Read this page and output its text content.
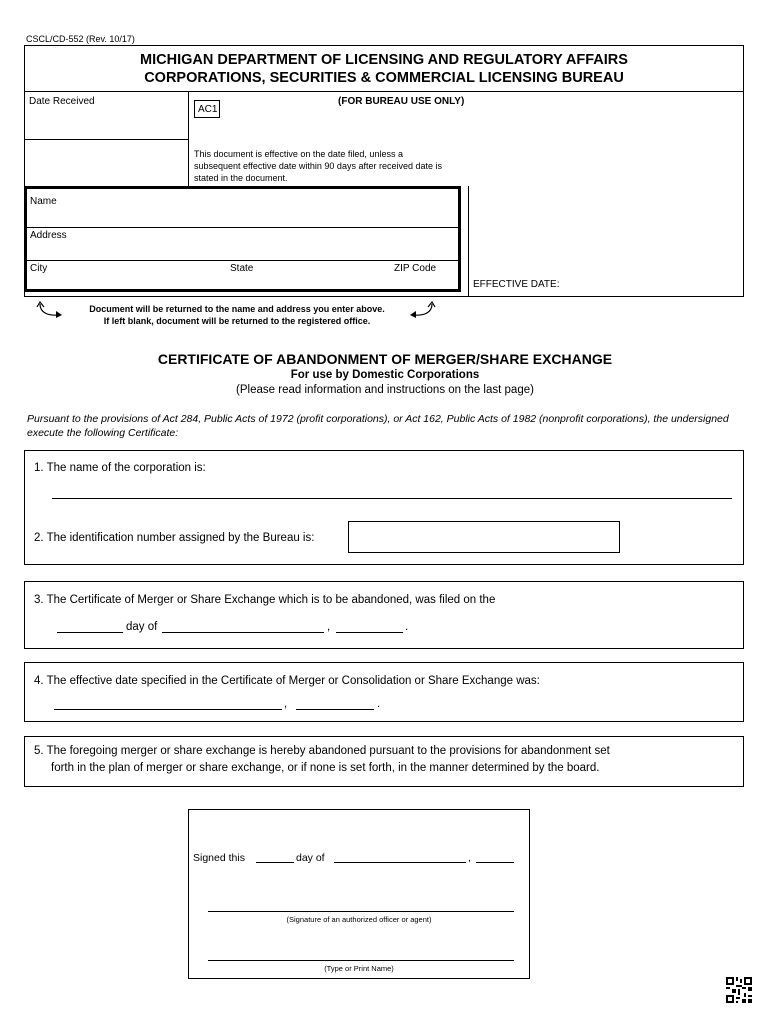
CSCL/CD-552 (Rev. 10/17)
MICHIGAN DEPARTMENT OF LICENSING AND REGULATORY AFFAIRS
CORPORATIONS, SECURITIES & COMMERCIAL LICENSING BUREAU
Date Received
AC1
(FOR BUREAU USE ONLY)
This document is effective on the date filed, unless a subsequent effective date within 90 days after received date is stated in the document.
EFFECTIVE DATE:
Name
Address
City	State	ZIP Code
Document will be returned to the name and address you enter above.
If left blank, document will be returned to the registered office.
CERTIFICATE OF ABANDONMENT OF MERGER/SHARE EXCHANGE
For use by Domestic Corporations
(Please read information and instructions on the last page)
Pursuant to the provisions of Act 284, Public Acts of 1972 (profit corporations), or Act 162, Public Acts of 1982 (nonprofit corporations), the undersigned execute the following Certificate:
1. The name of the corporation is:
2. The identification number assigned by the Bureau is:
3. The Certificate of Merger or Share Exchange which is to be abandoned, was filed on the
day of	,	.
4. The effective date specified in the Certificate of Merger or Consolidation or Share Exchange was:
,	.
5. The foregoing merger or share exchange is hereby abandoned pursuant to the provisions for abandonment set
forth in the plan of merger or share exchange, or if none is set forth, in the manner determined by the board.
Signed this	day of	,
(Signature of an authorized officer or agent)
(Type or Print Name)
